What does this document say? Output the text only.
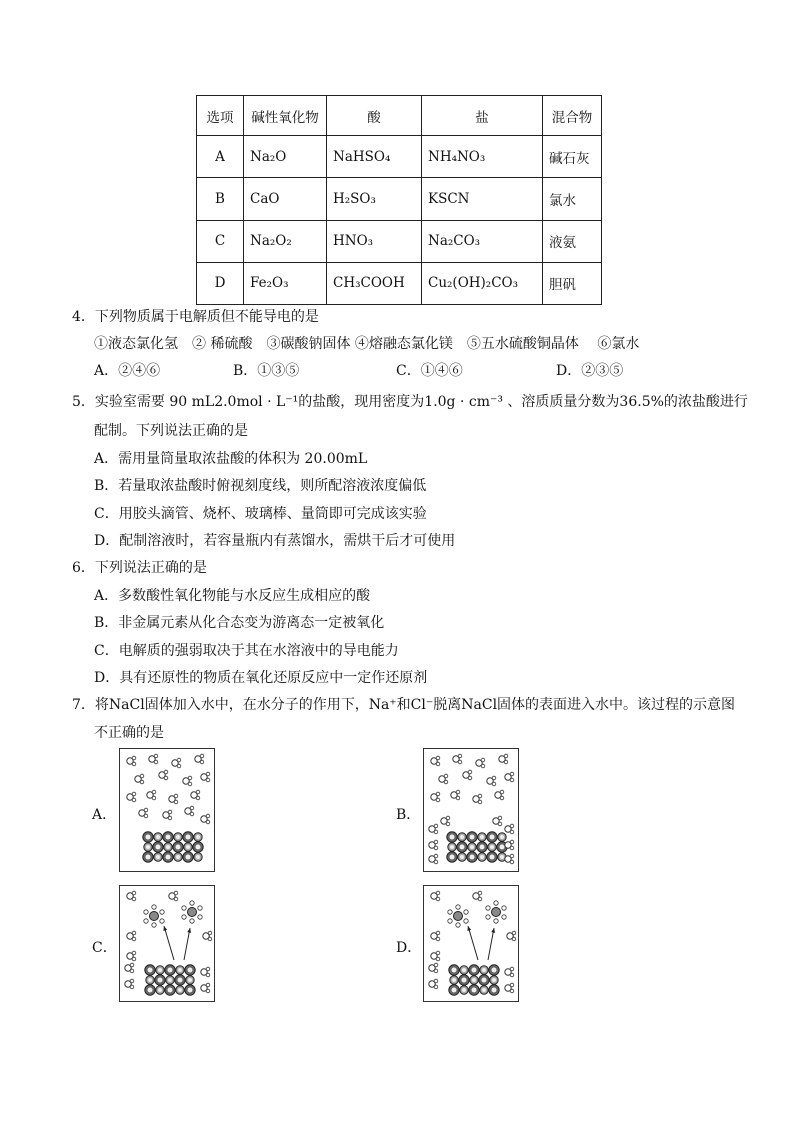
选项	碱性氧化物	酸	盐	混合物
A	Na₂O	NaHSO₄	NH₄NO₃	碱石灰
B	CaO	H₂SO₃	KSCN	氯水
C	Na₂O₂	HNO₃	Na₂CO₃	液氨
D	Fe₂O₃	CH₃COOH	Cu₂(OH)₂CO₃	胆矾
4．下列物质属于电解质但不能导电的是
①液态氯化氢　② 稀硫酸　③碳酸钠固体 ④熔融态氯化镁　⑤五水硫酸铜晶体　 ⑥氯水
A．②④⑥	B．①③⑤	C．①④⑥	D．②③⑤
5．实验室需要 90 mL2.0mol · L⁻¹的盐酸，现用密度为1.0g · cm⁻³ 、溶质质量分数为36.5%的浓盐酸进行
配制。下列说法正确的是
A．需用量筒量取浓盐酸的体积为 20.00mL
B．若量取浓盐酸时俯视刻度线，则所配溶液浓度偏低
C．用胶头滴管、烧杯、玻璃棒、量筒即可完成该实验
D．配制溶液时，若容量瓶内有蒸馏水，需烘干后才可使用
6．下列说法正确的是
A．多数酸性氧化物能与水反应生成相应的酸
B．非金属元素从化合态变为游离态一定被氧化
C．电解质的强弱取决于其在水溶液中的导电能力
D．具有还原性的物质在氧化还原反应中一定作还原剂
7．将NaCl固体加入水中，在水分子的作用下，Na⁺和Cl⁻脱离NaCl固体的表面进入水中。该过程的示意图
不正确的是
A．	B．
C．	D．
